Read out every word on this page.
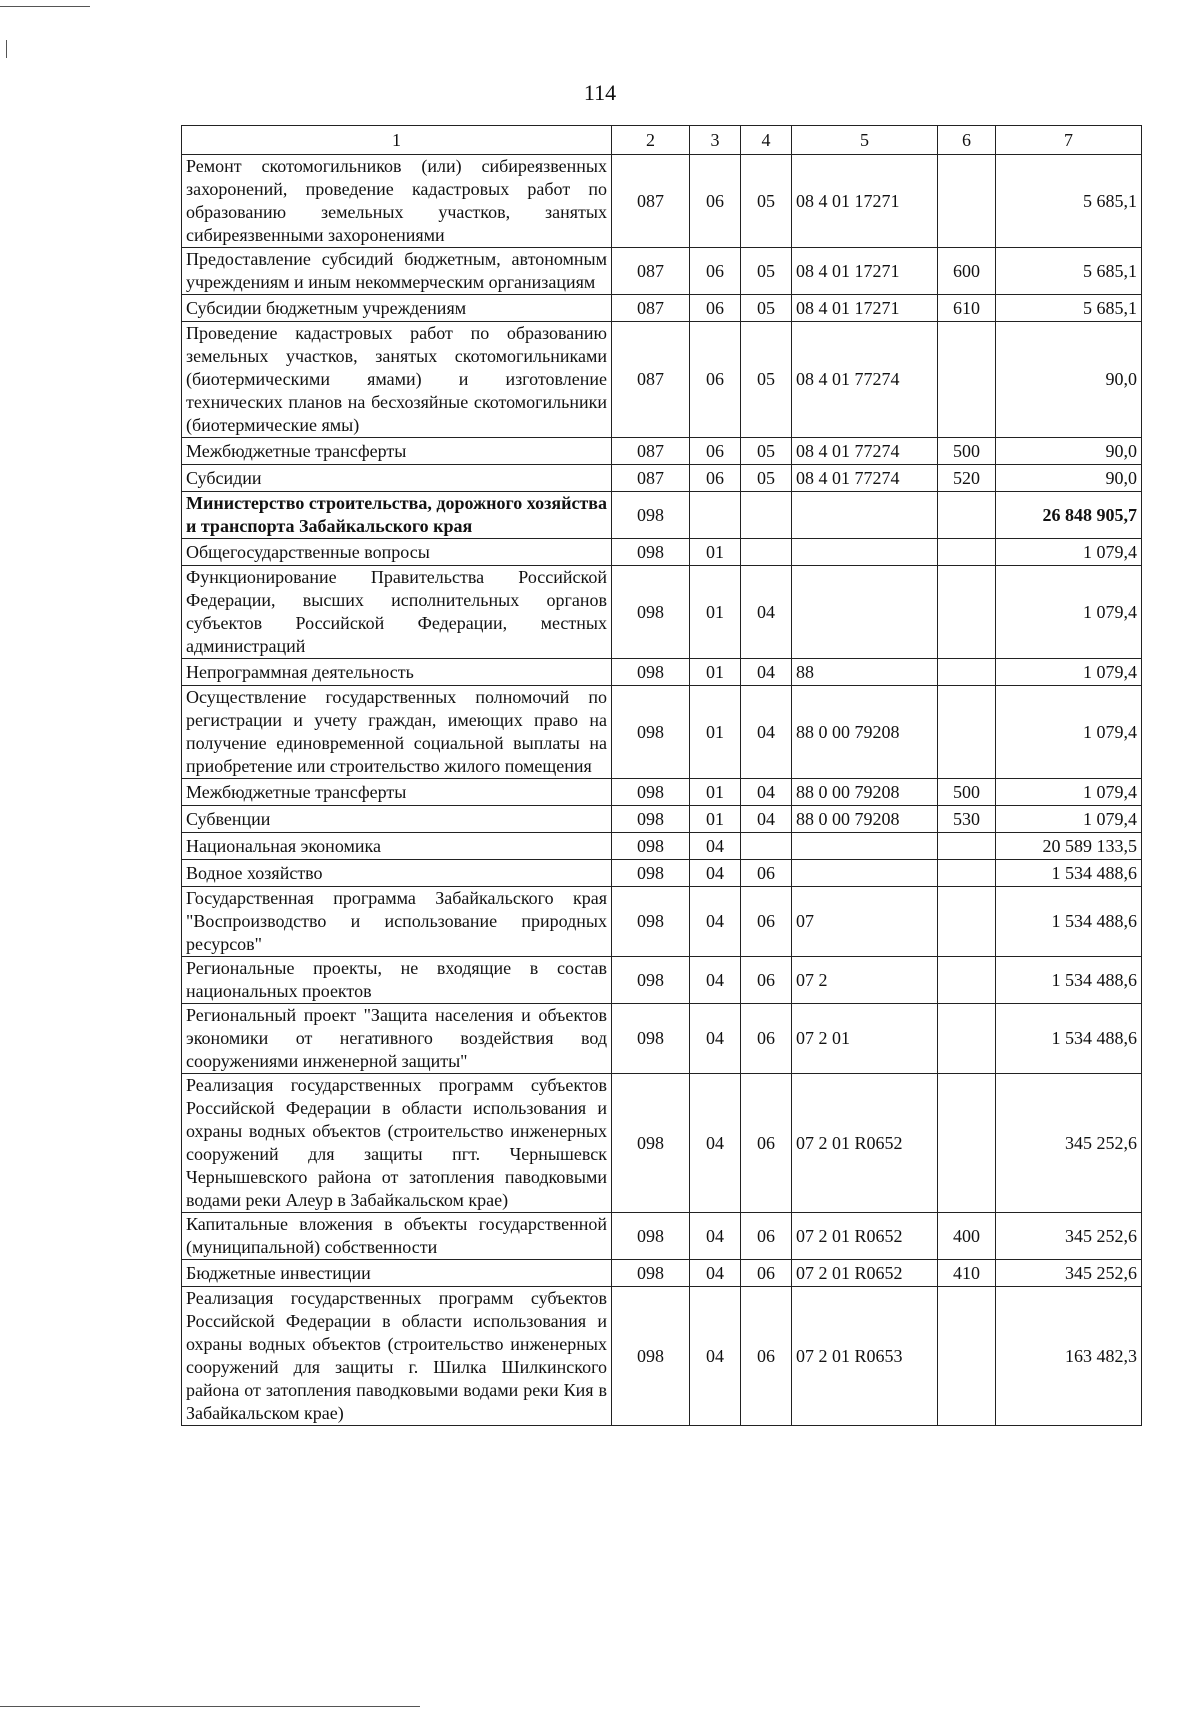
114
1	2	3	4	5	6	7
Ремонт скотомогильников (или) сибиреязвенных захоронений, проведение кадастровых работ по образованию земельных участков, занятых сибиреязвенными захоронениями	087	06	05	08 4 01 17271		5 685,1
Предоставление субсидий бюджетным, автономным учреждениям и иным некоммерческим организациям	087	06	05	08 4 01 17271	600	5 685,1
Субсидии бюджетным учреждениям	087	06	05	08 4 01 17271	610	5 685,1
Проведение кадастровых работ по образованию земельных участков, занятых скотомогильниками (биотермическими ямами) и изготовление технических планов на бесхозяйные скотомогильники (биотермические ямы)	087	06	05	08 4 01 77274		90,0
Межбюджетные трансферты	087	06	05	08 4 01 77274	500	90,0
Субсидии	087	06	05	08 4 01 77274	520	90,0
Министерство строительства, дорожного хозяйства и транспорта Забайкальского края	098					26 848 905,7
Общегосударственные вопросы	098	01				1 079,4
Функционирование Правительства Российской Федерации, высших исполнительных органов субъектов Российской Федерации, местных администраций	098	01	04			1 079,4
Непрограммная деятельность	098	01	04	88		1 079,4
Осуществление государственных полномочий по регистрации и учету граждан, имеющих право на получение единовременной социальной выплаты на приобретение или строительство жилого помещения	098	01	04	88 0 00 79208		1 079,4
Межбюджетные трансферты	098	01	04	88 0 00 79208	500	1 079,4
Субвенции	098	01	04	88 0 00 79208	530	1 079,4
Национальная экономика	098	04				20 589 133,5
Водное хозяйство	098	04	06			1 534 488,6
Государственная программа Забайкальского края "Воспроизводство и использование природных ресурсов"	098	04	06	07		1 534 488,6
Региональные проекты, не входящие в состав национальных проектов	098	04	06	07 2		1 534 488,6
Региональный проект "Защита населения и объектов экономики от негативного воздействия вод сооружениями инженерной защиты"	098	04	06	07 2 01		1 534 488,6
Реализация государственных программ субъектов Российской Федерации в области использования и охраны водных объектов (строительство инженерных сооружений для защиты пгт. Чернышевск Чернышевского района от затопления паводковыми водами реки Алеур в Забайкальском крае)	098	04	06	07 2 01 R0652		345 252,6
Капитальные вложения в объекты государственной (муниципальной) собственности	098	04	06	07 2 01 R0652	400	345 252,6
Бюджетные инвестиции	098	04	06	07 2 01 R0652	410	345 252,6
Реализация государственных программ субъектов Российской Федерации в области использования и охраны водных объектов (строительство инженерных сооружений для защиты г. Шилка Шилкинского района от затопления паводковыми водами реки Кия в Забайкальском крае)	098	04	06	07 2 01 R0653		163 482,3
